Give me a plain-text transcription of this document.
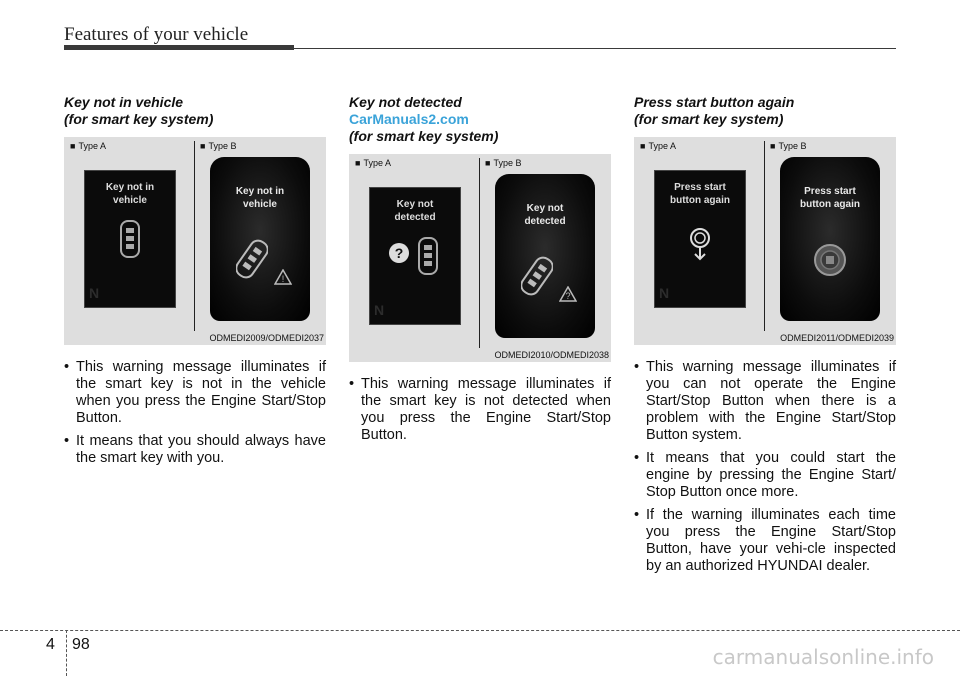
Features of your vehicle
Key not in vehicle
(for smart key system)
■ Type A	■ Type B
Key not in vehicle
N
Key not in vehicle
!
ODMEDI2009/ODMEDI2037
• This warning message illuminates if the smart key is not in the vehicle when you press the Engine Start/Stop Button.
• It means that you should always have the smart key with you.
Key not detected
CarManuals2.com
(for smart key system)
■ Type A	■ Type B
Key not detected
?
N
Key not detected
?
ODMEDI2010/ODMEDI2038
• This warning message illuminates if the smart key is not detected when you press the Engine Start/Stop Button.
Press start button again
(for smart key system)
■ Type A	■ Type B
Press start button again
N
Press start button again
ODMEDI2011/ODMEDI2039
• This warning message illuminates if you can not operate the Engine Start/Stop Button when there is a problem with the Engine Start/Stop Button system.
• It means that you could start the engine by pressing the Engine Start/ Stop Button once more.
• If the warning illuminates each time you press the Engine Start/Stop Button, have your vehi-cle inspected by an authorized HYUNDAI dealer.
4 98
carmanualsonline.info
